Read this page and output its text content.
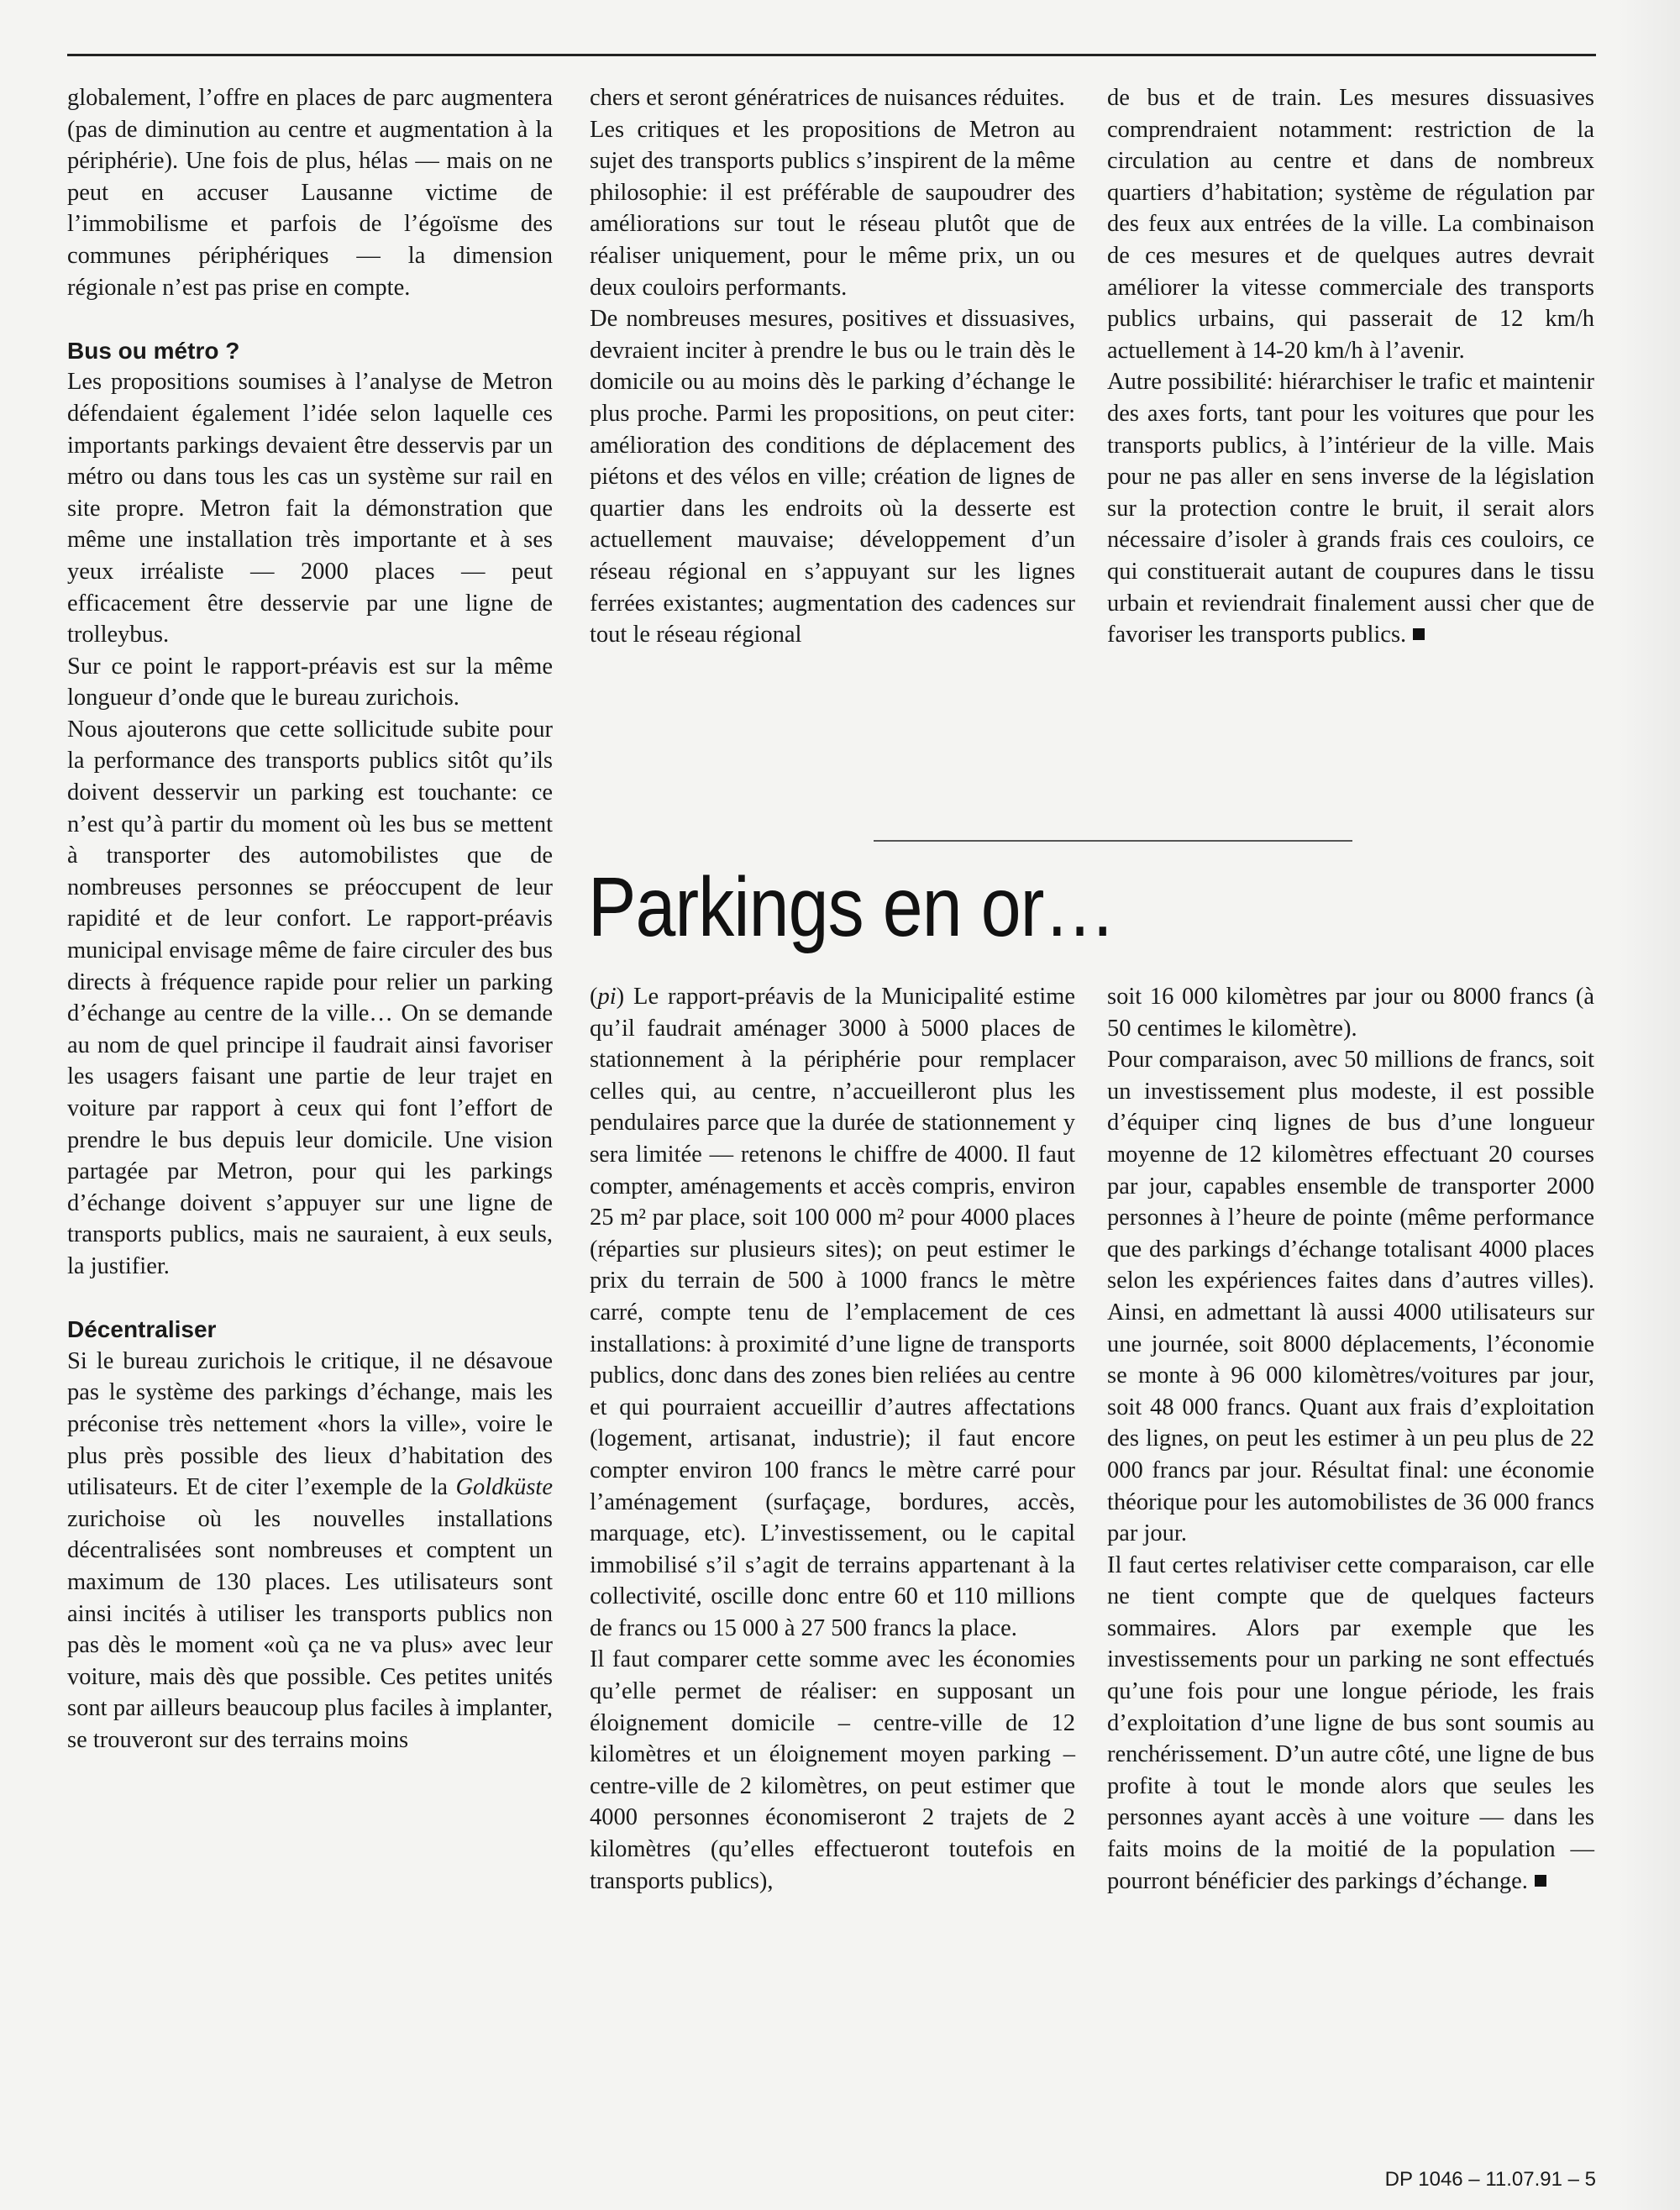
globalement, l’offre en places de parc augmentera (pas de diminution au centre et augmentation à la périphérie). Une fois de plus, hélas — mais on ne peut en accuser Lausanne victime de l’immobilisme et parfois de l’égoïsme des communes périphériques — la dimension régionale n’est pas prise en compte.

Bus ou métro ?

Les propositions soumises à l’analyse de Metron défendaient également l’idée selon laquelle ces importants parkings devaient être desservis par un métro ou dans tous les cas un système sur rail en site propre. Metron fait la démonstration que même une installation très importante et à ses yeux irréaliste — 2000 places — peut efficacement être desservie par une ligne de trolleybus.

Sur ce point le rapport-préavis est sur la même longueur d’onde que le bureau zurichois.

Nous ajouterons que cette sollicitude subite pour la performance des transports publics sitôt qu’ils doivent desservir un parking est touchante: ce n’est qu’à partir du moment où les bus se mettent à transporter des automobilistes que de nombreuses personnes se préoccupent de leur rapidité et de leur confort. Le rapport-préavis municipal envisage même de faire circuler des bus directs à fréquence rapide pour relier un parking d’échange au centre de la ville… On se demande au nom de quel principe il faudrait ainsi favoriser les usagers faisant une partie de leur trajet en voiture par rapport à ceux qui font l’effort de prendre le bus depuis leur domicile. Une vision partagée par Metron, pour qui les parkings d’échange doivent s’appuyer sur une ligne de transports publics, mais ne sauraient, à eux seuls, la justifier.

Décentraliser

Si le bureau zurichois le critique, il ne désavoue pas le système des parkings d’échange, mais les préconise très nettement «hors la ville», voire le plus près possible des lieux d’habitation des utilisateurs. Et de citer l’exemple de la Goldküste zurichoise où les nouvelles installations décentralisées sont nombreuses et comptent un maximum de 130 places. Les utilisateurs sont ainsi incités à utiliser les transports publics non pas dès le moment «où ça ne va plus» avec leur voiture, mais dès que possible. Ces petites unités sont par ailleurs beaucoup plus faciles à implanter, se trouveront sur des terrains moins

chers et seront génératrices de nuisances réduites.

Les critiques et les propositions de Metron au sujet des transports publics s’inspirent de la même philosophie: il est préférable de saupoudrer des améliorations sur tout le réseau plutôt que de réaliser uniquement, pour le même prix, un ou deux couloirs performants.

De nombreuses mesures, positives et dissuasives, devraient inciter à prendre le bus ou le train dès le domicile ou au moins dès le parking d’échange le plus proche. Parmi les propositions, on peut citer: amélioration des conditions de déplacement des piétons et des vélos en ville; création de lignes de quartier dans les endroits où la desserte est actuellement mauvaise; développement d’un réseau régional en s’appuyant sur les lignes ferrées existantes; augmentation des cadences sur tout le réseau régional

de bus et de train. Les mesures dissuasives comprendraient notamment: restriction de la circulation au centre et dans de nombreux quartiers d’habitation; système de régulation par des feux aux entrées de la ville. La combinaison de ces mesures et de quelques autres devrait améliorer la vitesse commerciale des transports publics urbains, qui passerait de 12 km/h actuellement à 14-20 km/h à l’avenir.

Autre possibilité: hiérarchiser le trafic et maintenir des axes forts, tant pour les voitures que pour les transports publics, à l’intérieur de la ville. Mais pour ne pas aller en sens inverse de la législation sur la protection contre le bruit, il serait alors nécessaire d’isoler à grands frais ces couloirs, ce qui constituerait autant de coupures dans le tissu urbain et reviendrait finalement aussi cher que de favoriser les transports publics.

Parkings en or…

(pi) Le rapport-préavis de la Municipalité estime qu’il faudrait aménager 3000 à 5000 places de stationnement à la périphérie pour remplacer celles qui, au centre, n’accueilleront plus les pendulaires parce que la durée de stationnement y sera limitée — retenons le chiffre de 4000. Il faut compter, aménagements et accès compris, environ 25 m² par place, soit 100 000 m² pour 4000 places (réparties sur plusieurs sites); on peut estimer le prix du terrain de 500 à 1000 francs le mètre carré, compte tenu de l’emplacement de ces installations: à proximité d’une ligne de transports publics, donc dans des zones bien reliées au centre et qui pourraient accueillir d’autres affectations (logement, artisanat, industrie); il faut encore compter environ 100 francs le mètre carré pour l’aménagement (surfaçage, bordures, accès, marquage, etc). L’investissement, ou le capital immobilisé s’il s’agit de terrains appartenant à la collectivité, oscille donc entre 60 et 110 millions de francs ou 15 000 à 27 500 francs la place.

Il faut comparer cette somme avec les économies qu’elle permet de réaliser: en supposant un éloignement domicile – centre-ville de 12 kilomètres et un éloignement moyen parking – centre-ville de 2 kilomètres, on peut estimer que 4000 personnes économiseront 2 trajets de 2 kilomètres (qu’elles effectueront toutefois en transports publics),

soit 16 000 kilomètres par jour ou 8000 francs (à 50 centimes le kilomètre).

Pour comparaison, avec 50 millions de francs, soit un investissement plus modeste, il est possible d’équiper cinq lignes de bus d’une longueur moyenne de 12 kilomètres effectuant 20 courses par jour, capables ensemble de transporter 2000 personnes à l’heure de pointe (même performance que des parkings d’échange totalisant 4000 places selon les expériences faites dans d’autres villes). Ainsi, en admettant là aussi 4000 utilisateurs sur une journée, soit 8000 déplacements, l’économie se monte à 96 000 kilomètres/voitures par jour, soit 48 000 francs. Quant aux frais d’exploitation des lignes, on peut les estimer à un peu plus de 22 000 francs par jour. Résultat final: une économie théorique pour les automobilistes de 36 000 francs par jour.

Il faut certes relativiser cette comparaison, car elle ne tient compte que de quelques facteurs sommaires. Alors par exemple que les investissements pour un parking ne sont effectués qu’une fois pour une longue période, les frais d’exploitation d’une ligne de bus sont soumis au renchérissement. D’un autre côté, une ligne de bus profite à tout le monde alors que seules les personnes ayant accès à une voiture — dans les faits moins de la moitié de la population — pourront bénéficier des parkings d’échange.

DP 1046 – 11.07.91 – 5
